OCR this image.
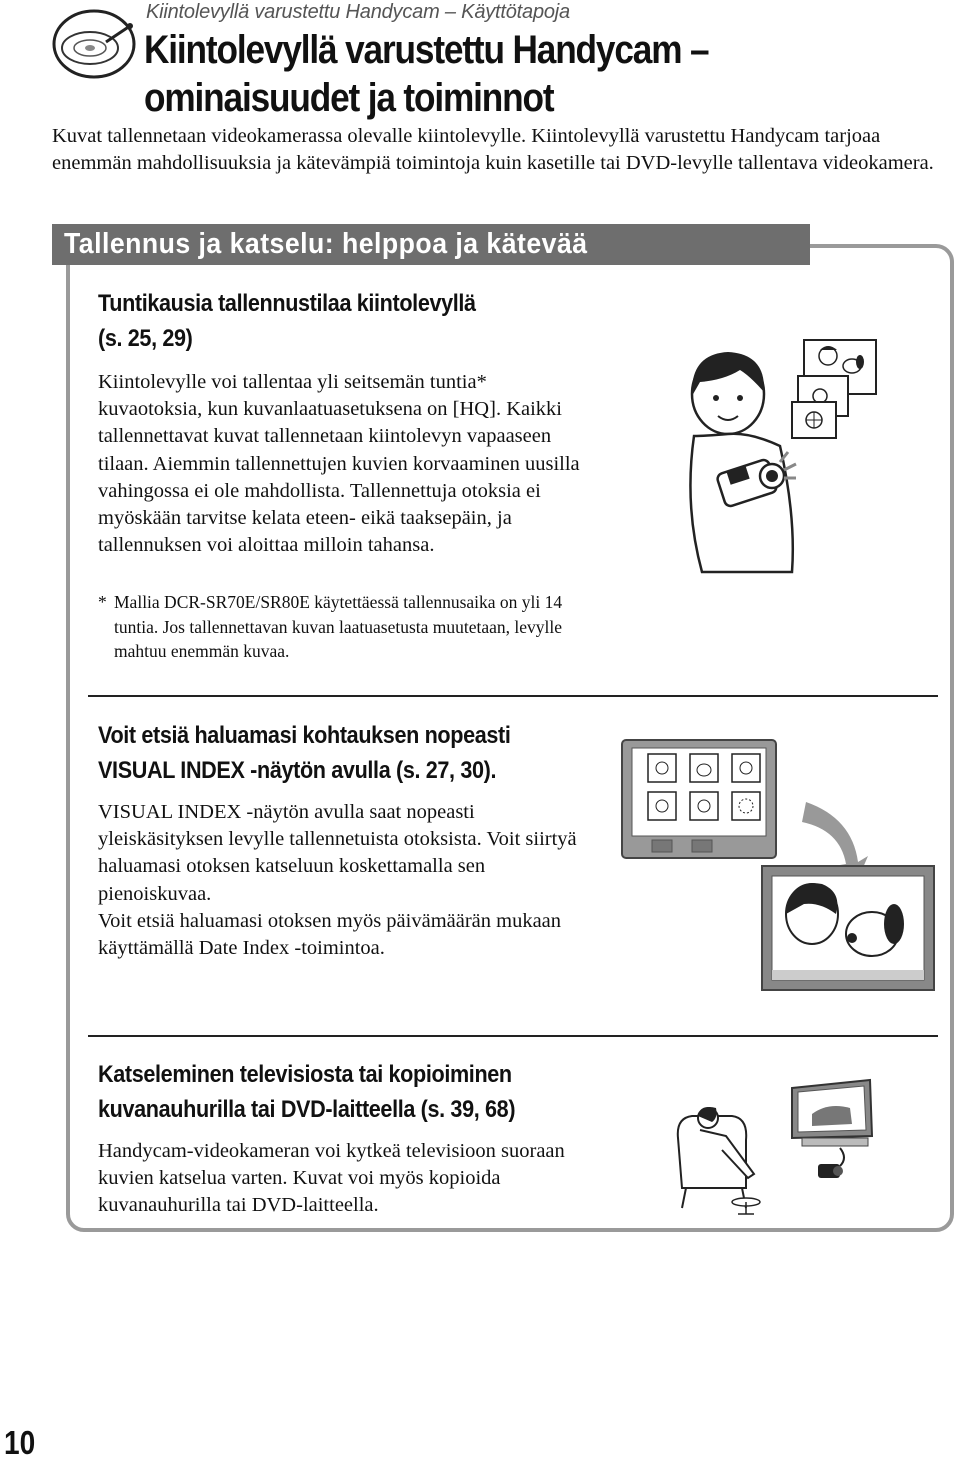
Kiintolevyllä varustettu Handycam – Käyttötapoja
Kiintolevyllä varustettu Handycam –
ominaisuudet ja toiminnot
Kuvat tallennetaan videokamerassa olevalle kiintolevylle. Kiintolevyllä varustettu Handycam tarjoaa enemmän mahdollisuuksia ja kätevämpiä toimintoja kuin kasetille tai DVD-levylle tallentava videokamera.
Tallennus ja katselu: helppoa ja kätevää
Tuntikausia tallennustilaa kiintolevyllä
(s. 25, 29)
Kiintolevylle voi tallentaa yli seitsemän tuntia* kuvaotoksia, kun kuvanlaatuasetuksena on [HQ]. Kaikki tallennettavat kuvat tallennetaan kiintolevyn vapaaseen tilaan. Aiemmin tallennettujen kuvien korvaaminen uusilla vahingossa ei ole mahdollista. Tallennettuja otoksia ei myöskään tarvitse kelata eteen- eikä taaksepäin, ja tallennuksen voi aloittaa milloin tahansa.
* Mallia DCR-SR70E/SR80E käytettäessä tallennusaika on yli 14 tuntia. Jos tallennettavan kuvan laatuasetusta muutetaan, levylle mahtuu enemmän kuvaa.
Voit etsiä haluamasi kohtauksen nopeasti
VISUAL INDEX -näytön avulla (s. 27, 30).
VISUAL INDEX -näytön avulla saat nopeasti yleiskäsityksen levylle tallennetuista otoksista. Voit siirtyä haluamasi otoksen katseluun koskettamalla sen pienoiskuvaa.
Voit etsiä haluamasi otoksen myös päivämäärän mukaan käyttämällä Date Index -toimintoa.
Katseleminen televisiosta tai kopioiminen
kuvanauhurilla tai DVD-laitteella (s. 39, 68)
Handycam-videokameran voi kytkeä televisioon suoraan kuvien katselua varten. Kuvat voi myös kopioida kuvanauhurilla tai DVD-laitteella.
10
